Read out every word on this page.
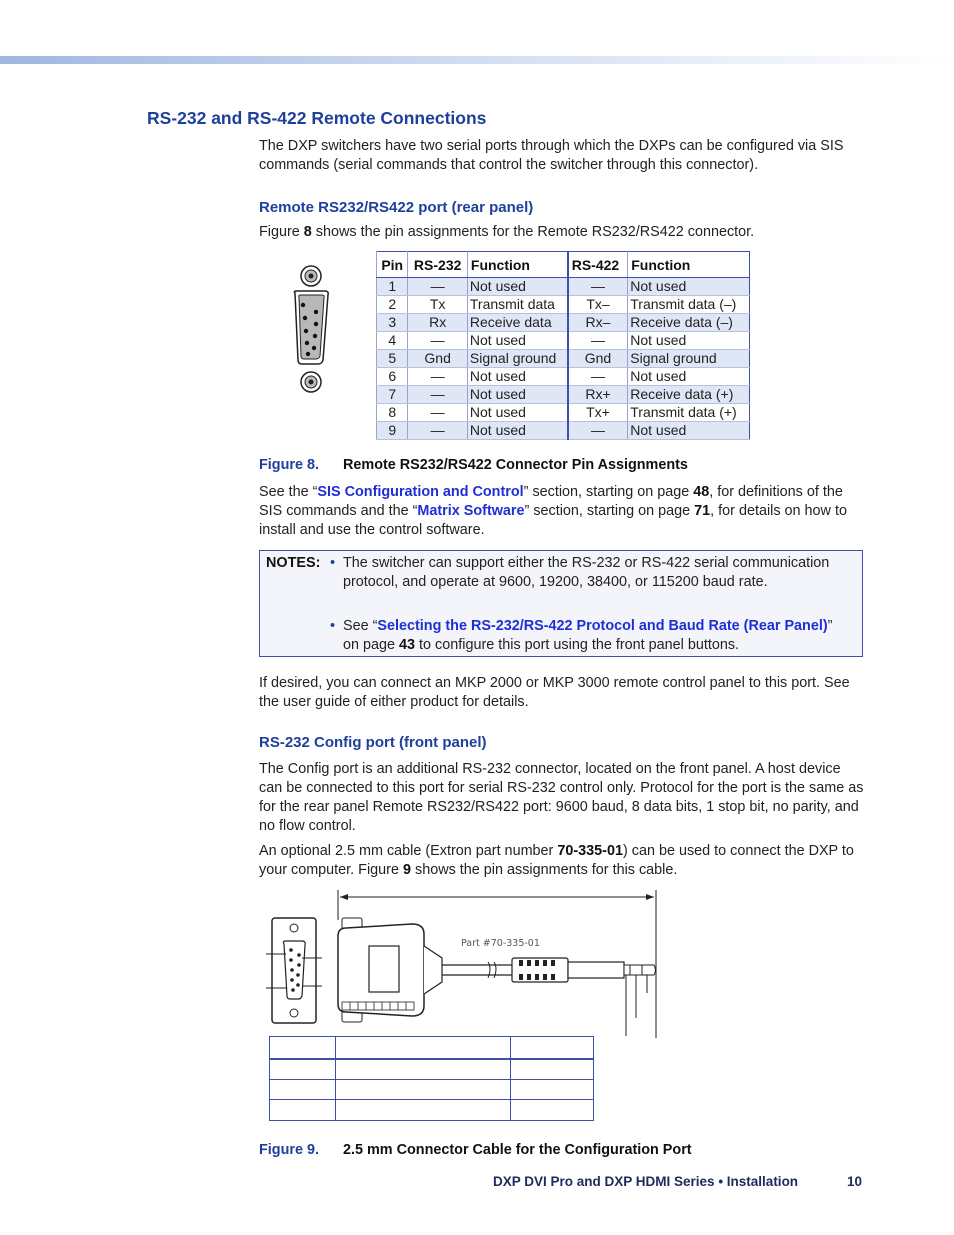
RS-232 and RS-422 Remote Connections
The DXP switchers have two serial ports through which the DXPs can be configured via SIS commands (serial commands that control the switcher through this connector).
Remote RS232/RS422 port (rear panel)
Figure 8 shows the pin assignments for the Remote RS232/RS422 connector.
Pin	RS-232	Function	RS-422	Function
1	—	Not used	—	Not used
2	Tx	Transmit data	Tx–	Transmit data (–)
3	Rx	Receive data	Rx–	Receive data (–)
4	—	Not used	—	Not used
5	Gnd	Signal ground	Gnd	Signal ground
6	—	Not used	—	Not used
7	—	Not used	Rx+	Receive data (+)
8	—	Not used	Tx+	Transmit data (+)
9	—	Not used	—	Not used
Figure 8. Remote RS232/RS422 Connector Pin Assignments
See the “SIS Configuration and Control” section, starting on page 48, for definitions of the SIS commands and the “Matrix Software” section, starting on page 71, for details on how to install and use the control software.
NOTES: • The switcher can support either the RS-232 or RS-422 serial communication protocol, and operate at 9600, 19200, 38400, or 115200 baud rate.
• See “Selecting the RS-232/RS-422 Protocol and Baud Rate (Rear Panel)” on page 43 to configure this port using the front panel buttons.
If desired, you can connect an MKP 2000 or MKP 3000 remote control panel to this port. See the user guide of either product for details.
RS-232 Config port (front panel)
The Config port is an additional RS-232 connector, located on the front panel. A host device can be connected to this port for serial RS-232 control only. Protocol for the port is the same as for the rear panel Remote RS232/RS422 port: 9600 baud, 8 data bits, 1 stop bit, no parity, and no flow control.
An optional 2.5 mm cable (Extron part number 70-335-01) can be used to connect the DXP to your computer. Figure 9 shows the pin assignments for this cable.
Part #70-335-01

Figure 9. 2.5 mm Connector Cable for the Configuration Port
DXP DVI Pro and DXP HDMI Series • Installation	10
